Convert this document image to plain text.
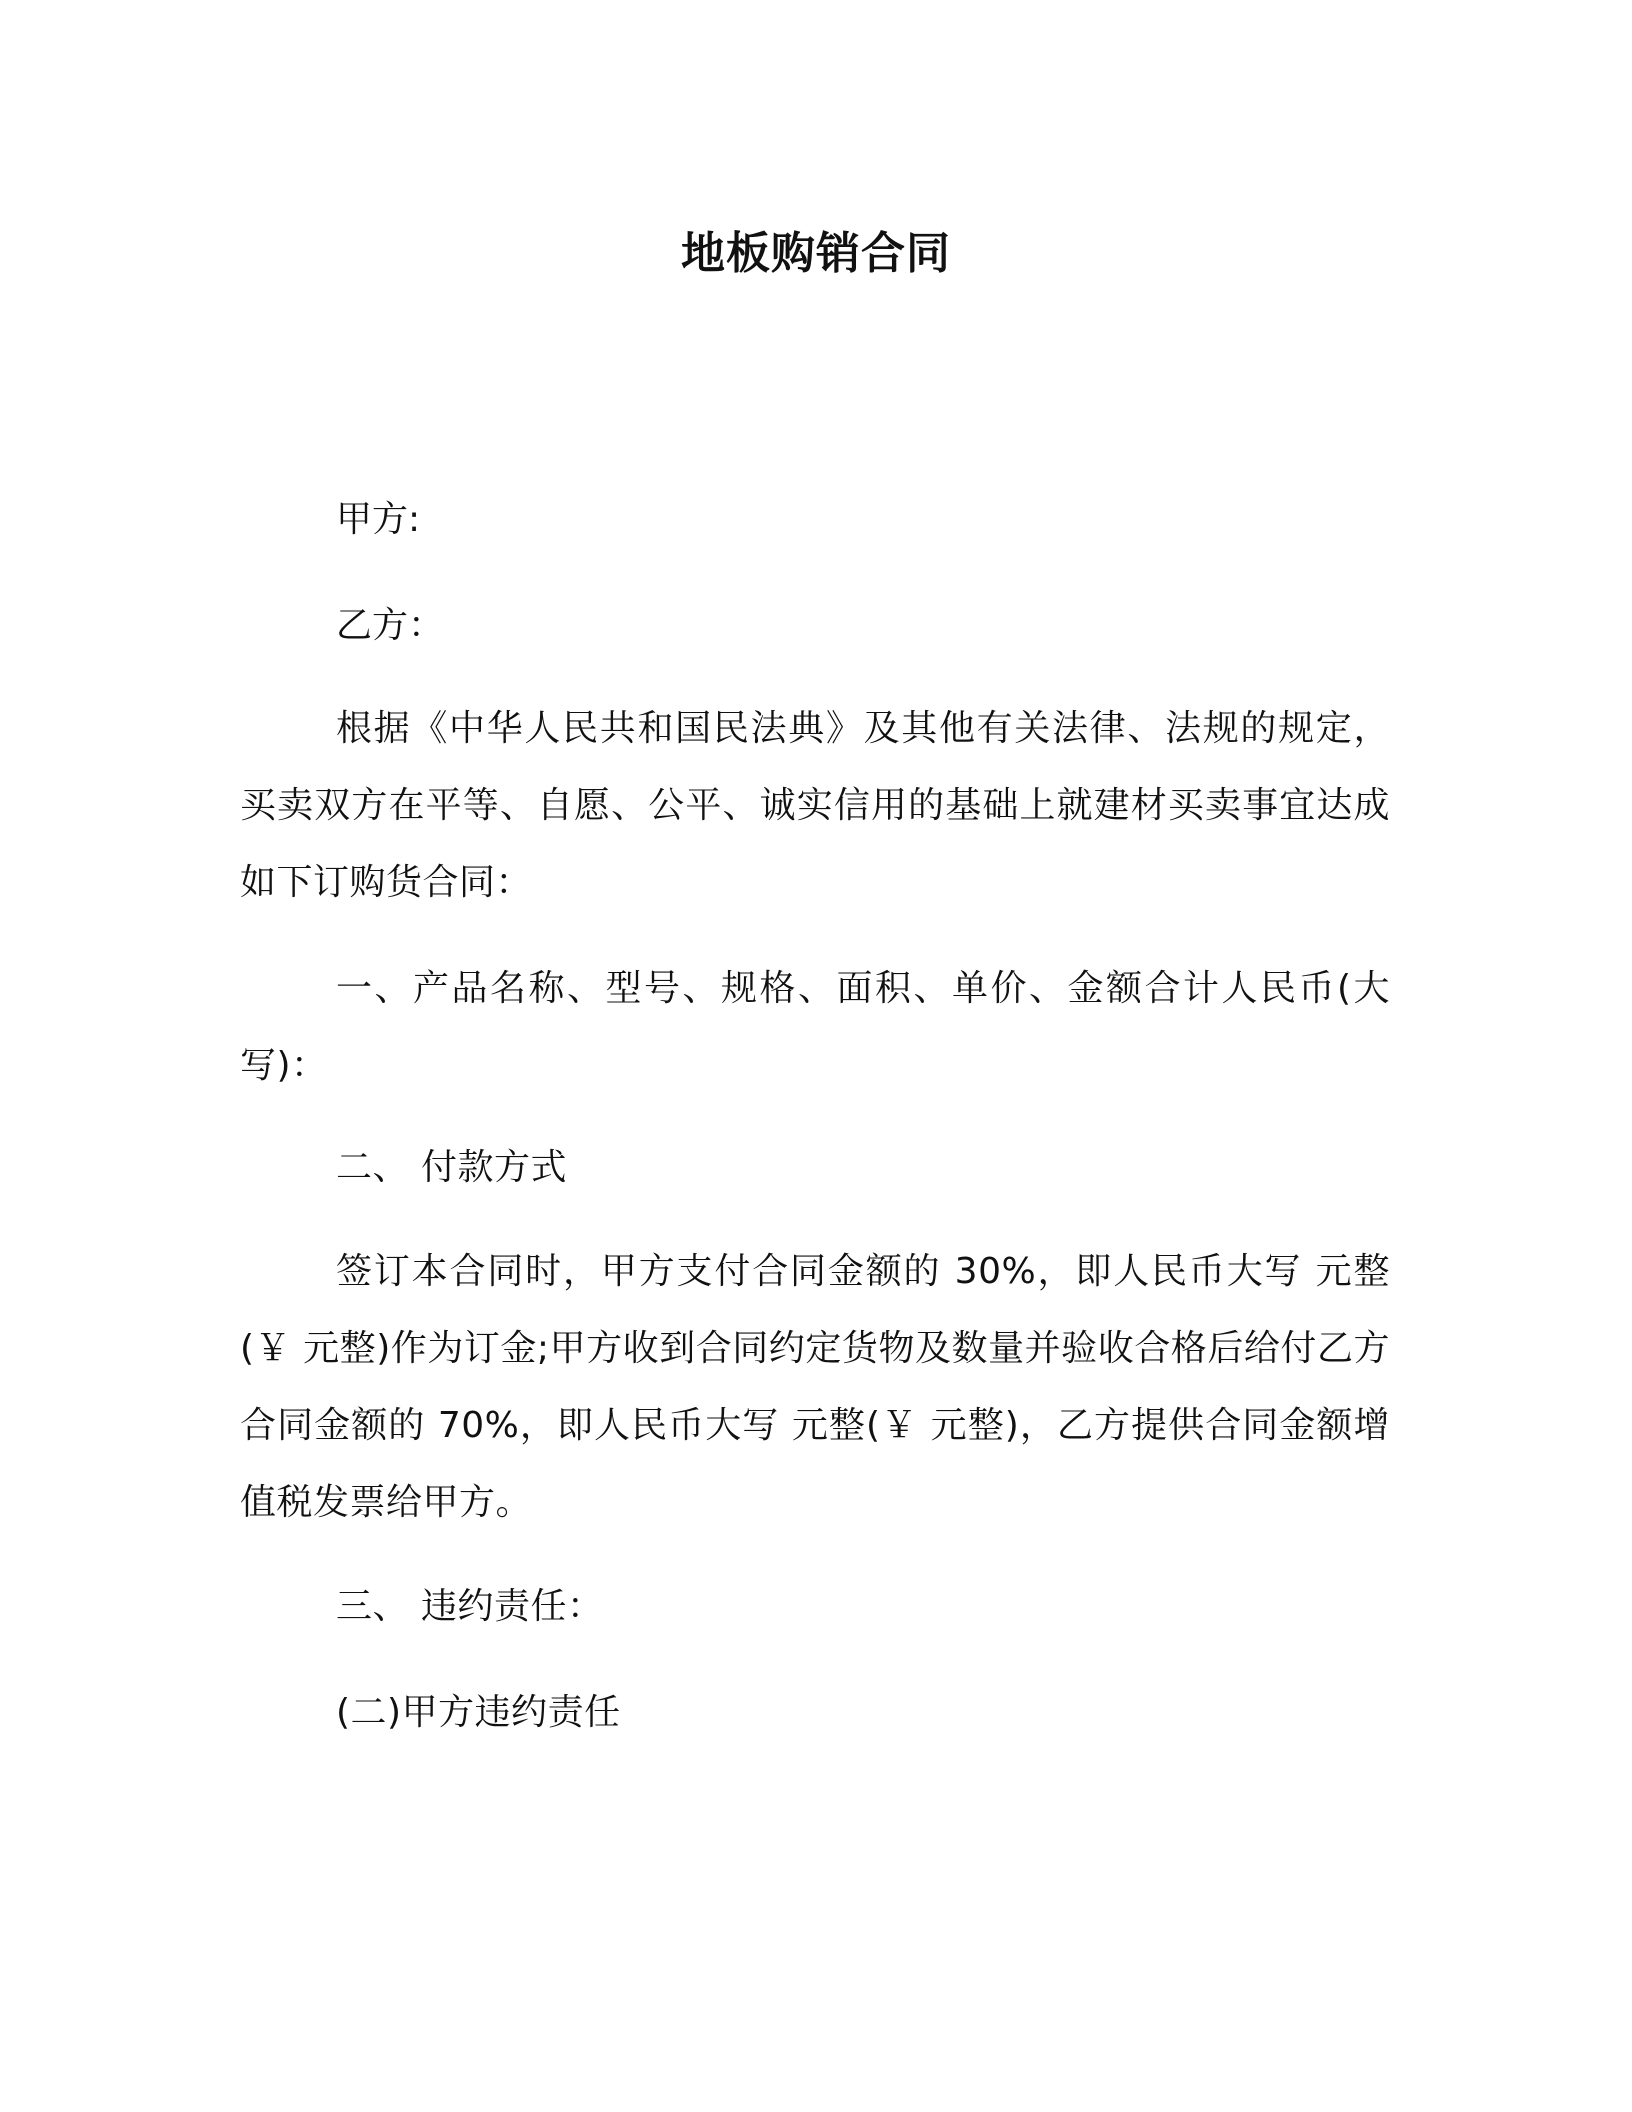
地板购销合同

甲方:

乙方：

根据《中华人民共和国民法典》及其他有关法律、法规的规定，买卖双方在平等、自愿、公平、诚实信用的基础上就建材买卖事宜达成如下订购货合同：

一、产品名称、型号、规格、面积、单价、金额合计人民币(大写)：

二、 付款方式

签订本合同时，甲方支付合同金额的 30%，即人民币大写 元整(￥ 元整)作为订金;甲方收到合同约定货物及数量并验收合格后给付乙方合同金额的 70%，即人民币大写 元整(￥ 元整)，乙方提供合同金额增值税发票给甲方。

三、 违约责任：

(二)甲方违约责任
